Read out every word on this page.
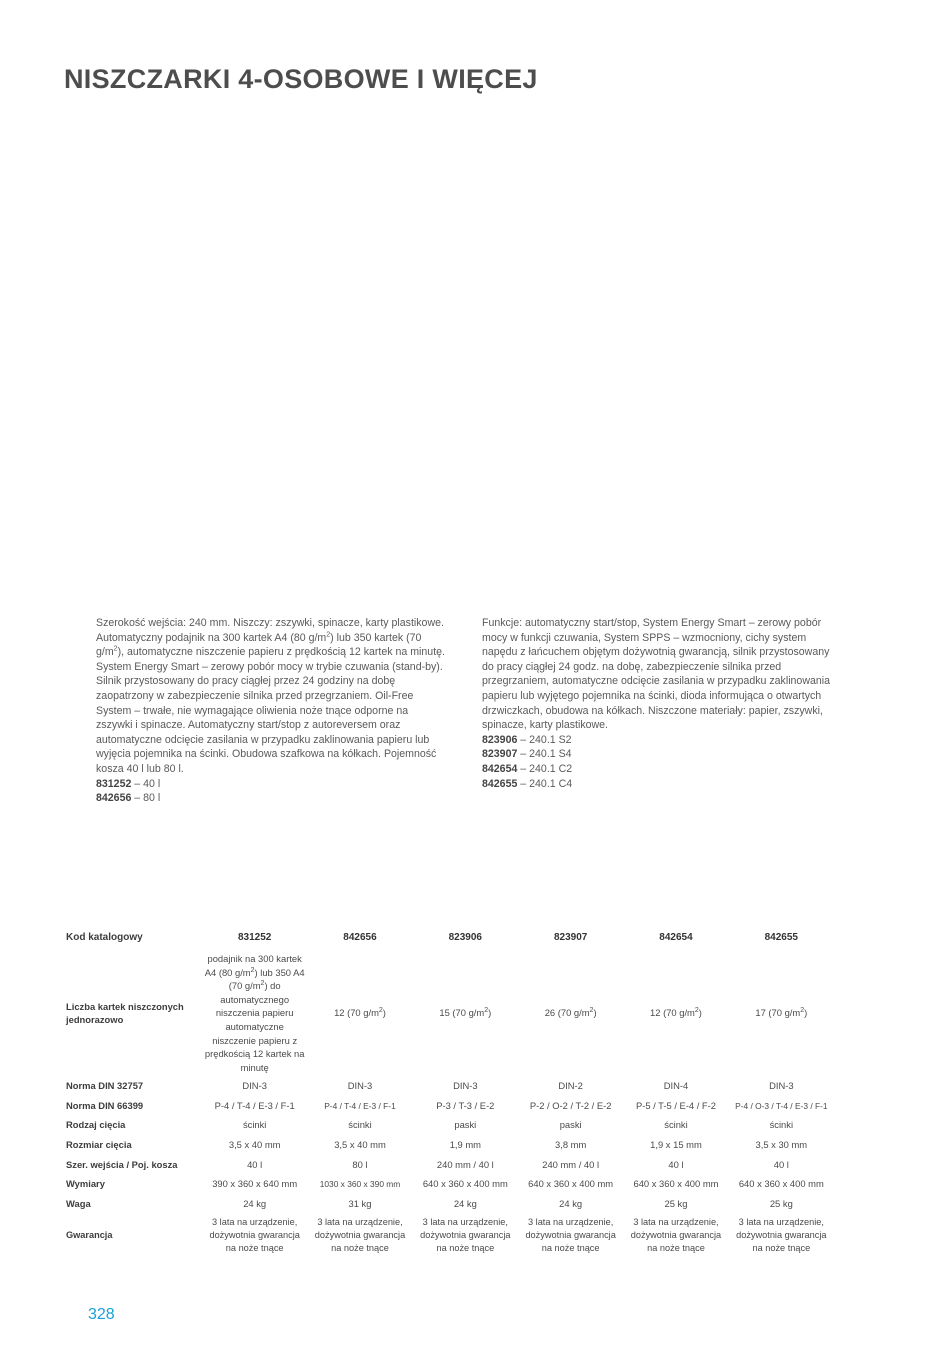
NISZCZARKI 4-OSOBOWE I WIĘCEJ

Szerokość wejścia: 240 mm. Niszczy: zszywki, spinacze, karty plastikowe. Automatyczny podajnik na 300 kartek A4 (80 $g/m^2$) lub 350 kartek (70 $g/m^2$), automatyczne niszczenie papieru z prędkością 12 kartek na minutę. System Energy Smart – zerowy pobór mocy w trybie czuwania (stand-by). Silnik przystosowany do pracy ciągłej przez 24 godziny na dobę zaopatrzony w zabezpieczenie silnika przed przegrzaniem. Oil-Free System – trwałe, nie wymagające oliwienia noże tnące odporne na zszywki i spinacze. Automatyczny start/stop z autoreversem oraz automatyczne odcięcie zasilania w przypadku zaklinowania papieru lub wyjęcia pojemnika na ścinki. Obudowa szafkowa na kółkach. Pojemność kosza 40 l lub 80 l.

831252 – 40 l
842656 – 80 l

Funkcje: automatyczny start/stop, System Energy Smart – zerowy pobór mocy w funkcji czuwania, System SPPS – wzmocniony, cichy system napędu z łańcuchem objętym dożywotnią gwarancją, silnik przystosowany do pracy ciągłej 24 godz. na dobę, zabezpieczenie silnika przed przegrzaniem, automatyczne odcięcie zasilania w przypadku zaklinowania papieru lub wyjętego pojemnika na ścinki, dioda informująca o otwartych drzwiczkach, obudowa na kółkach. Niszczone materiały: papier, zszywki, spinacze, karty plastikowe.

823906 – 240.1 S2
823907 – 240.1 S4
842654 – 240.1 C2
842655 – 240.1 C4
Kod katalogowy	831252	842656	823906	823907	842654	842655
Liczba kartek niszczonych jednorazowo	podajnik na 300 kartek A4 (80 $g/m^2$) lub 350 A4 (70 $g/m^2$) do automatycznego niszczenia papieru automatyczne niszczenie papieru z prędkością 12 kartek na minutę	12 (70 $g/m^2$)	15 (70 $g/m^2$)	26 (70 $g/m^2$)	12 (70 $g/m^2$)	17 (70 $g/m^2$)
Norma DIN 32757	DIN-3	DIN-3	DIN-3	DIN-2	DIN-4	DIN-3
Norma DIN 66399	P-4 / T-4 / E-3 / F-1	P-4 / T-4 / E-3 / F-1	P-3 / T-3 / E-2	P-2 / O-2 / T-2 / E-2	P-5 / T-5 / E-4 / F-2	P-4 / O-3 / T-4 / E-3 / F-1
Rodzaj cięcia	ścinki	ścinki	paski	paski	ścinki	ścinki
Rozmiar cięcia	3,5 x 40 mm	3,5 x 40 mm	1,9 mm	3,8 mm	1,9 x 15 mm	3,5 x 30 mm
Szer. wejścia / Poj. kosza	40 l	80 l	240 mm / 40 l	240 mm / 40 l	40 l	40 l
Wymiary	390 x 360 x 640 mm	1030 x 360 x 390 mm	640 x 360 x 400 mm	640 x 360 x 400 mm	640 x 360 x 400 mm	640 x 360 x 400 mm
Waga	24 kg	31 kg	24 kg	24 kg	25 kg	25 kg
Gwarancja	3 lata na urządzenie, dożywotnia gwarancja na noże tnące	3 lata na urządzenie, dożywotnia gwarancja na noże tnące	3 lata na urządzenie, dożywotnia gwarancja na noże tnące	3 lata na urządzenie, dożywotnia gwarancja na noże tnące	3 lata na urządzenie, dożywotnia gwarancja na noże tnące	3 lata na urządzenie, dożywotnia gwarancja na noże tnące

328
